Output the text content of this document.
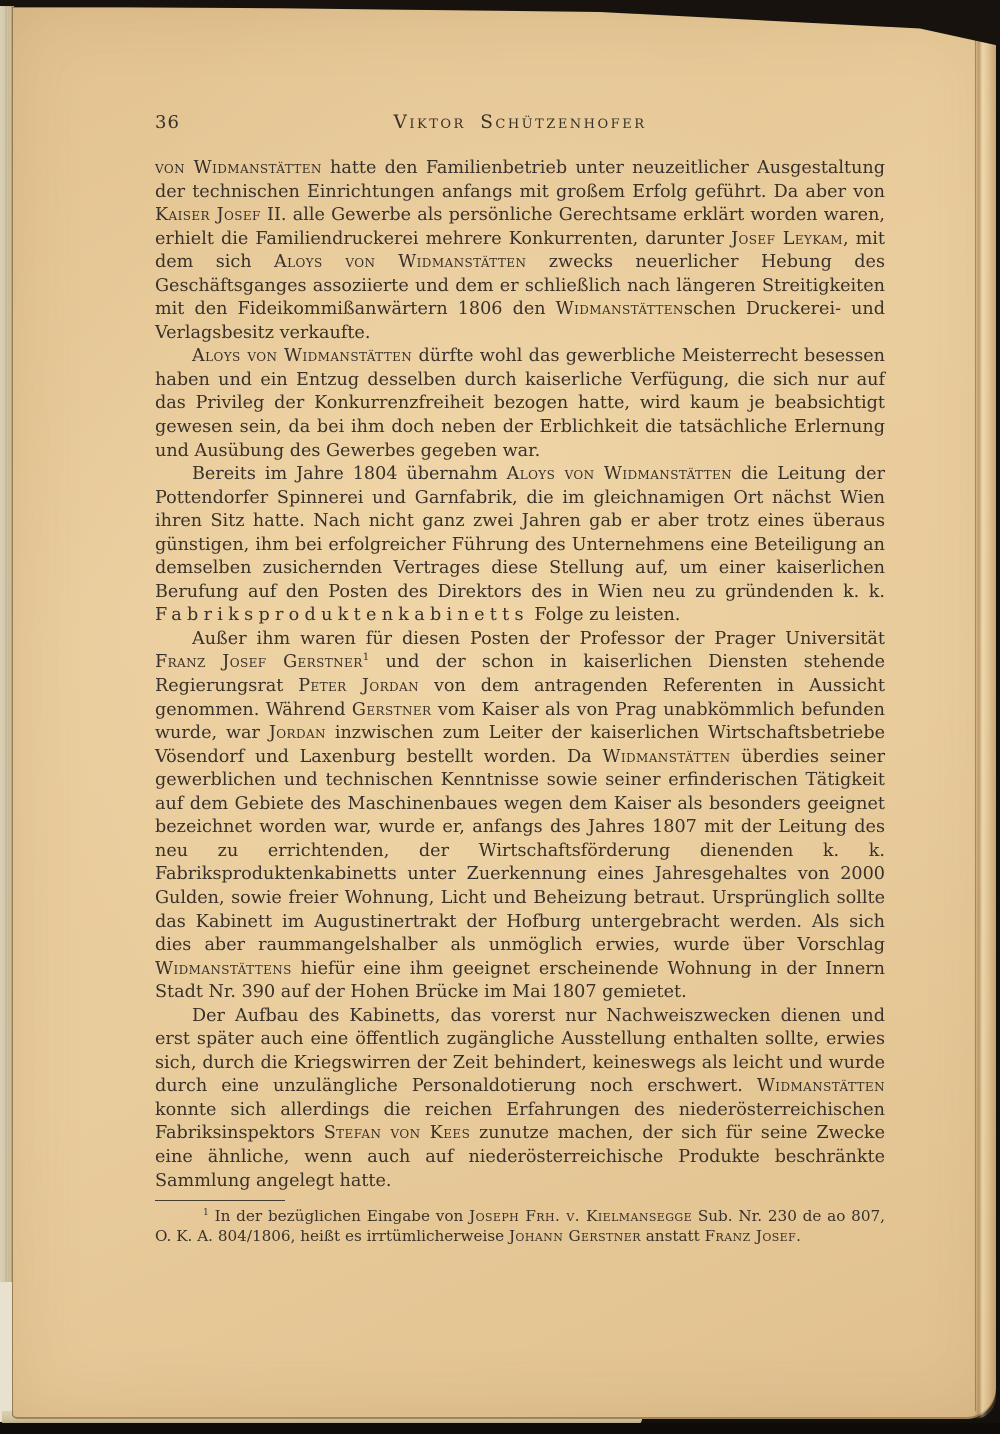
36	Viktor Schützenhofer

von Widmanstätten hatte den Familienbetrieb unter neuzeitlicher Ausgestaltung der technischen Einrichtungen anfangs mit großem Erfolg geführt. Da aber von Kaiser Josef II. alle Gewerbe als persönliche Gerechtsame erklärt worden waren, erhielt die Familiendruckerei mehrere Konkurrenten, darunter Josef Leykam, mit dem sich Aloys von Widmanstätten zwecks neuerlicher Hebung des Geschäftsganges assoziierte und dem er schließlich nach längeren Streitigkeiten mit den Fideikommißanwärtern 1806 den Widmanstättenschen Druckerei- und Verlagsbesitz verkaufte.

Aloys von Widmanstätten dürfte wohl das gewerbliche Meisterrecht besessen haben und ein Entzug desselben durch kaiserliche Verfügung, die sich nur auf das Privileg der Konkurrenzfreiheit bezogen hatte, wird kaum je beabsichtigt gewesen sein, da bei ihm doch neben der Erblichkeit die tatsächliche Erlernung und Ausübung des Gewerbes gegeben war.

Bereits im Jahre 1804 übernahm Aloys von Widmanstätten die Leitung der Pottendorfer Spinnerei und Garnfabrik, die im gleichnamigen Ort nächst Wien ihren Sitz hatte. Nach nicht ganz zwei Jahren gab er aber trotz eines überaus günstigen, ihm bei erfolgreicher Führung des Unternehmens eine Beteiligung an demselben zusichernden Vertrages diese Stellung auf, um einer kaiserlichen Berufung auf den Posten des Direktors des in Wien neu zu gründenden k. k. Fabriksproduktenkabinetts Folge zu leisten.

Außer ihm waren für diesen Posten der Professor der Prager Universität Franz Josef Gerstner$^1$ und der schon in kaiserlichen Diensten stehende Regierungsrat Peter Jordan von dem antragenden Referenten in Aussicht genommen. Während Gerstner vom Kaiser als von Prag unabkömmlich befunden wurde, war Jordan inzwischen zum Leiter der kaiserlichen Wirtschaftsbetriebe Vösendorf und Laxenburg bestellt worden. Da Widmanstätten überdies seiner gewerblichen und technischen Kenntnisse sowie seiner erfinderischen Tätigkeit auf dem Gebiete des Maschinenbaues wegen dem Kaiser als besonders geeignet bezeichnet worden war, wurde er, anfangs des Jahres 1807 mit der Leitung des neu zu errichtenden, der Wirtschaftsförderung dienenden k. k. Fabriksproduktenkabinetts unter Zuerkennung eines Jahresgehaltes von 2000 Gulden, sowie freier Wohnung, Licht und Beheizung betraut. Ursprünglich sollte das Kabinett im Augustinertrakt der Hofburg untergebracht werden. Als sich dies aber raummangelshalber als unmöglich erwies, wurde über Vorschlag Widmanstättens hiefür eine ihm geeignet erscheinende Wohnung in der Innern Stadt Nr. 390 auf der Hohen Brücke im Mai 1807 gemietet.

Der Aufbau des Kabinetts, das vorerst nur Nachweiszwecken dienen und erst später auch eine öffentlich zugängliche Ausstellung enthalten sollte, erwies sich, durch die Kriegswirren der Zeit behindert, keineswegs als leicht und wurde durch eine unzulängliche Personaldotierung noch erschwert. Widmanstätten konnte sich allerdings die reichen Erfahrungen des niederösterreichischen Fabriksinspektors Stefan von Kees zunutze machen, der sich für seine Zwecke eine ähnliche, wenn auch auf niederösterreichische Produkte beschränkte Sammlung angelegt hatte.

$^1$ In der bezüglichen Eingabe von Joseph Frh. v. Kielmansegge Sub. Nr. 230 de ao 807, O. K. A. 804/1806, heißt es irrtümlicherweise Johann Gerstner anstatt Franz Josef.
